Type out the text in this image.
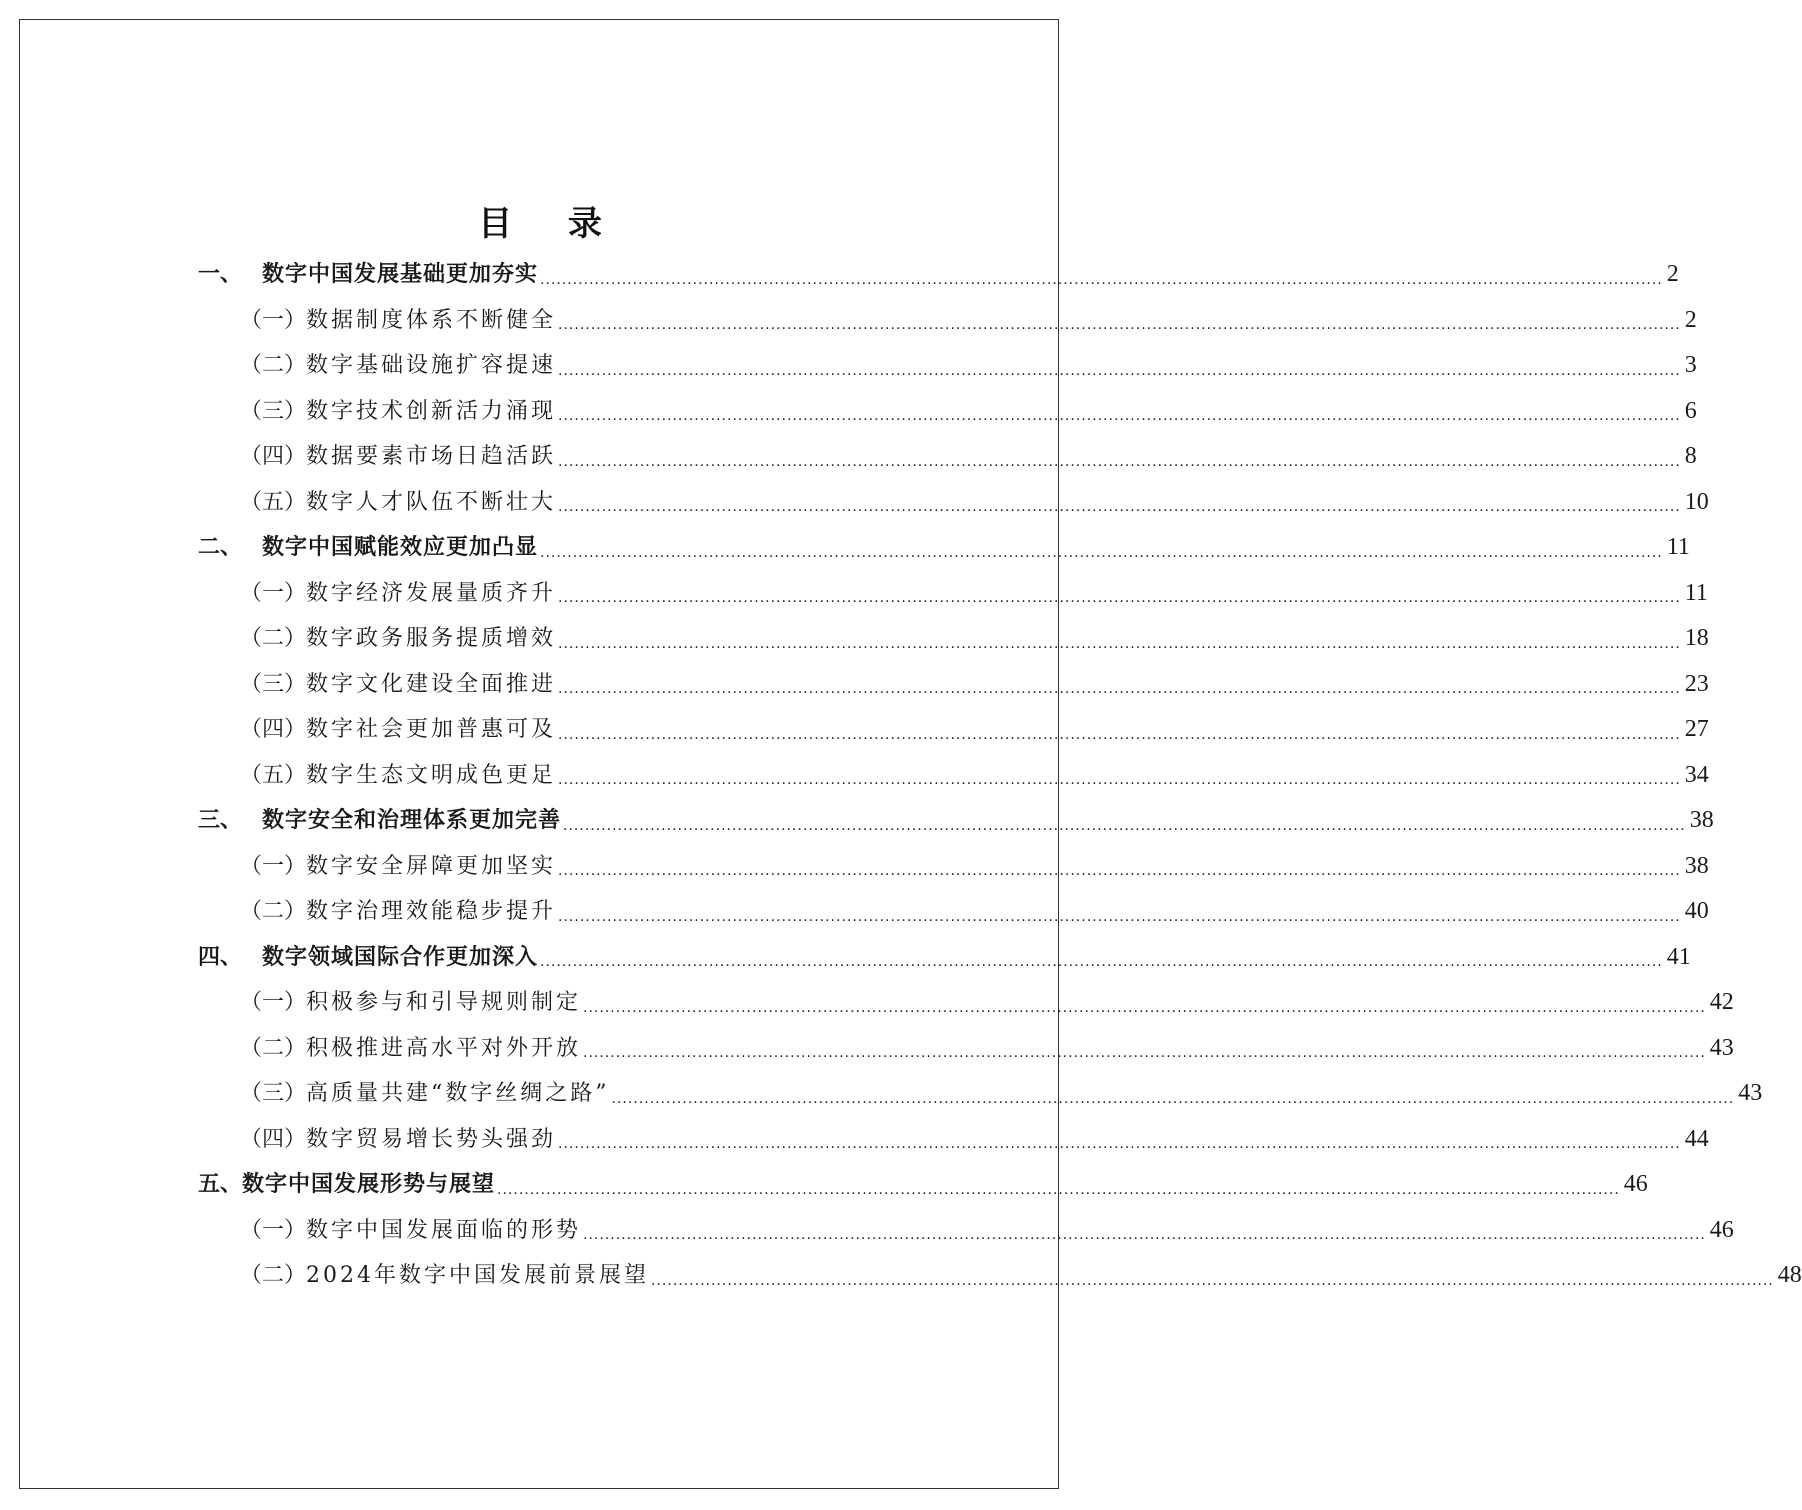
目 录
一、 数字中国发展基础更加夯实 .............................................................................................................................................................................................................. 2
（一） 数据制度体系不断健全 .............................................................................................................................................................................................................. 2
（二） 数字基础设施扩容提速 .............................................................................................................................................................................................................. 3
（三） 数字技术创新活力涌现 .............................................................................................................................................................................................................. 6
（四） 数据要素市场日趋活跃 .............................................................................................................................................................................................................. 8
（五） 数字人才队伍不断壮大 .............................................................................................................................................................................................................. 10
二、 数字中国赋能效应更加凸显 .............................................................................................................................................................................................................. 11
（一） 数字经济发展量质齐升 .............................................................................................................................................................................................................. 11
（二） 数字政务服务提质增效 .............................................................................................................................................................................................................. 18
（三） 数字文化建设全面推进 .............................................................................................................................................................................................................. 23
（四） 数字社会更加普惠可及 .............................................................................................................................................................................................................. 27
（五） 数字生态文明成色更足 .............................................................................................................................................................................................................. 34
三、 数字安全和治理体系更加完善 .............................................................................................................................................................................................................. 38
（一） 数字安全屏障更加坚实 .............................................................................................................................................................................................................. 38
（二） 数字治理效能稳步提升 .............................................................................................................................................................................................................. 40
四、 数字领域国际合作更加深入 .............................................................................................................................................................................................................. 41
（一） 积极参与和引导规则制定 .............................................................................................................................................................................................................. 42
（二） 积极推进高水平对外开放 .............................................................................................................................................................................................................. 43
（三） 高质量共建“数字丝绸之路” .............................................................................................................................................................................................................. 43
（四） 数字贸易增长势头强劲 .............................................................................................................................................................................................................. 44
五、 数字中国发展形势与展望 .............................................................................................................................................................................................................. 46
（一） 数字中国发展面临的形势 .............................................................................................................................................................................................................. 46
（二） 2024年数字中国发展前景展望 .............................................................................................................................................................................................................. 48
